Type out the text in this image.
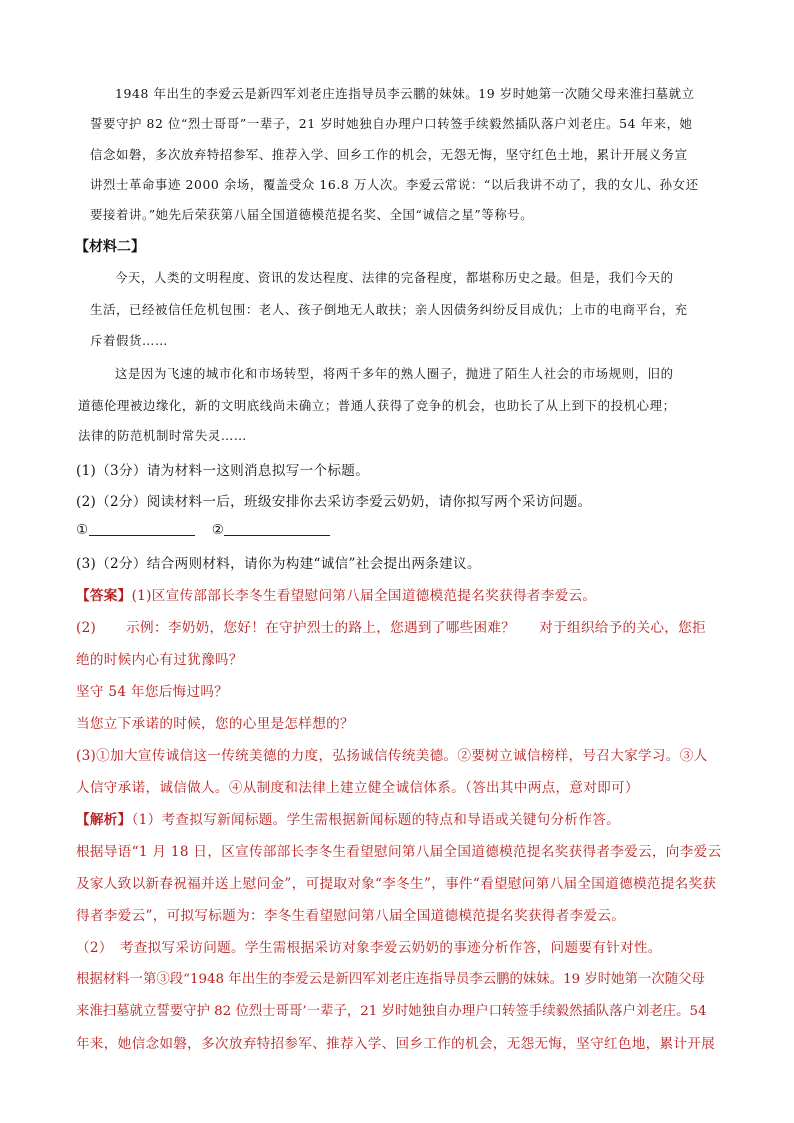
1948 年出生的李爱云是新四军刘老庄连指导员李云鹏的妹妹。19 岁时她第一次随父母来淮扫墓就立
誓要守护 82 位“烈士哥哥”一辈子，21 岁时她独自办理户口转签手续毅然插队落户刘老庄。54 年来，她
信念如磐，多次放弃特招参军、推荐入学、回乡工作的机会，无怨无悔，坚守红色土地，累计开展义务宣
讲烈士革命事迹 2000 余场，覆盖受众 16.8 万人次。李爱云常说：“以后我讲不动了，我的女儿、孙女还
要接着讲。”她先后荣获第八届全国道德模范提名奖、全国“诚信之星”等称号。
【材料二】
今天，人类的文明程度、资讯的发达程度、法律的完备程度，都堪称历史之最。但是，我们今天的
生活，已经被信任危机包围：老人、孩子倒地无人敢扶；亲人因债务纠纷反目成仇；上市的电商平台，充
斥着假货……
这是因为飞速的城市化和市场转型，将两千多年的熟人圈子，抛进了陌生人社会的市场规则，旧的
道德伦理被边缘化，新的文明底线尚未确立；普通人获得了竞争的机会，也助长了从上到下的投机心理；
法律的防范机制时常失灵……
(1)（3分）请为材料一这则消息拟写一个标题。
(2)（2分）阅读材料一后，班级安排你去采访李爱云奶奶，请你拟写两个采访问题。
①	②
(3)（2分）结合两则材料，请你为构建“诚信”社会提出两条建议。
【答案】(1)区宣传部部长李冬生看望慰问第八届全国道德模范提名奖获得者李爱云。
(2) 示例：李奶奶，您好！在守护烈士的路上，您遇到了哪些困难？ 对于组织给予的关心，您拒
绝的时候内心有过犹豫吗？
坚守 54 年您后悔过吗？
当您立下承诺的时候，您的心里是怎样想的？
(3)①加大宣传诚信这一传统美德的力度，弘扬诚信传统美德。②要树立诚信榜样，号召大家学习。③人
人信守承诺，诚信做人。④从制度和法律上建立健全诚信体系。（答出其中两点，意对即可）
【解析】（1）考查拟写新闻标题。学生需根据新闻标题的特点和导语或关键句分析作答。
根据导语“1 月 18 日，区宣传部部长李冬生看望慰问第八届全国道德模范提名奖获得者李爱云，向李爱云
及家人致以新春祝福并送上慰问金”，可提取对象“李冬生”，事件“看望慰问第八届全国道德模范提名奖获
得者李爱云”，可拟写标题为：李冬生看望慰问第八届全国道德模范提名奖获得者李爱云。
（2）　考查拟写采访问题。学生需根据采访对象李爱云奶奶的事迹分析作答，问题要有针对性。
根据材料一第③段“1948 年出生的李爱云是新四军刘老庄连指导员李云鹏的妹妹。19 岁时她第一次随父母
来淮扫墓就立誓要守护 82 位烈士哥哥’一辈子，21 岁时她独自办理户口转签手续毅然插队落户刘老庄。54
年来，她信念如磐，多次放弃特招参军、推荐入学、回乡工作的机会，无怨无悔，坚守红色地，累计开展
